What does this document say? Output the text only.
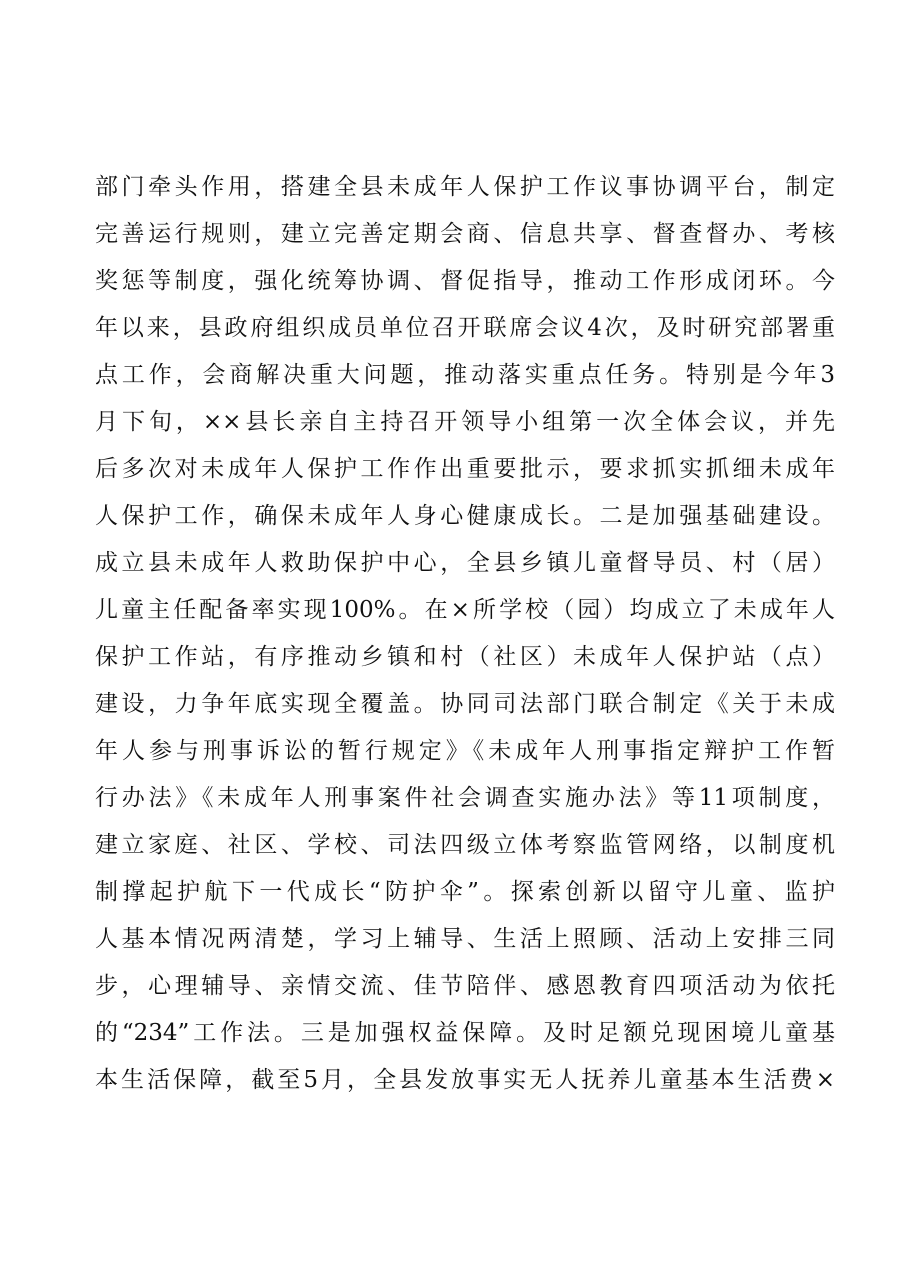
部门牵头作用，搭建全县未成年人保护工作议事协调平台，制定
完善运行规则，建立完善定期会商、信息共享、督查督办、考核
奖惩等制度，强化统筹协调、督促指导，推动工作形成闭环。今
年以来，县政府组织成员单位召开联席会议4次，及时研究部署重
点工作，会商解决重大问题，推动落实重点任务。特别是今年3
月下旬，××县长亲自主持召开领导小组第一次全体会议，并先
后多次对未成年人保护工作作出重要批示，要求抓实抓细未成年
人保护工作，确保未成年人身心健康成长。二是加强基础建设。
成立县未成年人救助保护中心，全县乡镇儿童督导员、村（居）
儿童主任配备率实现100%。在×所学校（园）均成立了未成年人
保护工作站，有序推动乡镇和村（社区）未成年人保护站（点）
建设，力争年底实现全覆盖。协同司法部门联合制定《关于未成
年人参与刑事诉讼的暂行规定》《未成年人刑事指定辩护工作暂
行办法》《未成年人刑事案件社会调查实施办法》等11项制度，
建立家庭、社区、学校、司法四级立体考察监管网络，以制度机
制撑起护航下一代成长“防护伞”。探索创新以留守儿童、监护
人基本情况两清楚，学习上辅导、生活上照顾、活动上安排三同
步，心理辅导、亲情交流、佳节陪伴、感恩教育四项活动为依托
的“234”工作法。三是加强权益保障。及时足额兑现困境儿童基
本生活保障，截至5月，全县发放事实无人抚养儿童基本生活费×
